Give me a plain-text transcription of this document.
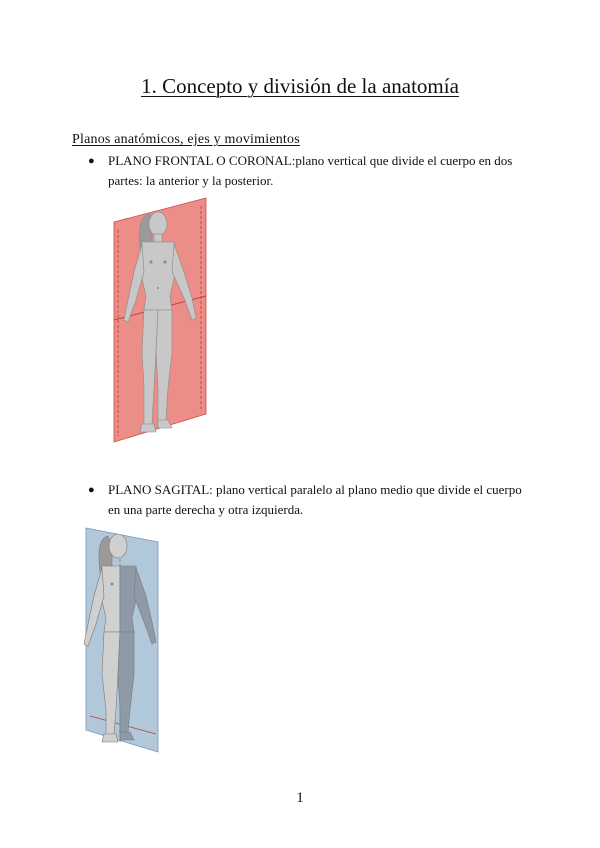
1. Concepto y división de la anatomía
Planos anatómicos, ejes y movimientos
●	PLANO FRONTAL O CORONAL:plano vertical que divide el cuerpo en dos partes: la anterior y la posterior.
●	PLANO SAGITAL: plano vertical paralelo al plano medio que divide el cuerpo en una parte derecha y otra izquierda.
1
